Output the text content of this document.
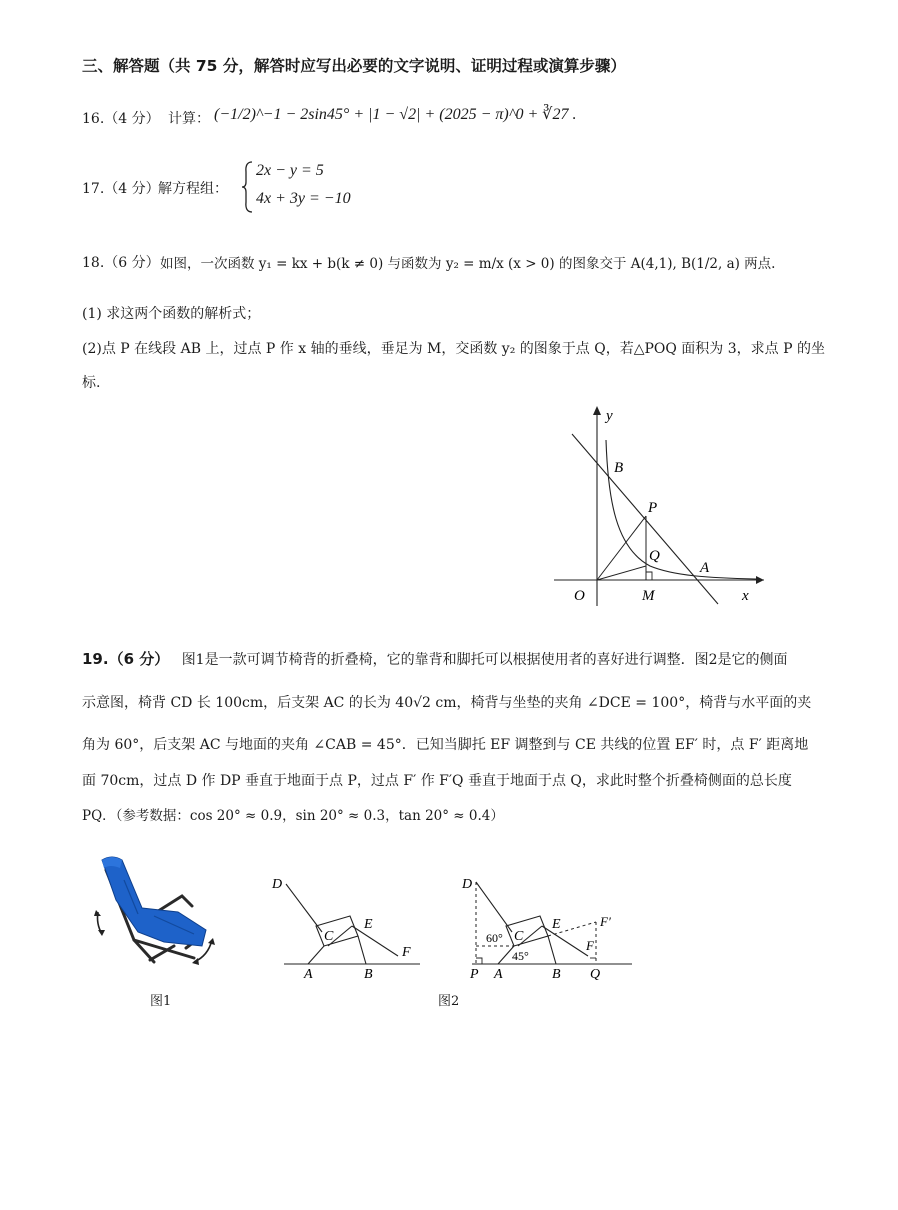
三、解答题（共 75 分，解答时应写出必要的文字说明、证明过程或演算步骤）
16.（4 分） 计算： (−1/2)^−1 − 2sin45° + |1 − √2| + (2025 − π)^0 + ∛27 .
17.（4 分）
解方程组：
2x − y = 5
4x + 3y = −10
18.（6 分） 如图，一次函数 y₁ = kx + b(k ≠ 0) 与函数为 y₂ = m/x (x > 0) 的图象交于 A(4,1), B(1/2, a) 两点.
(1) 求这两个函数的解析式；
(2)点 P 在线段 AB 上，过点 P 作 x 轴的垂线，垂足为 M，交函数 y₂ 的图象于点 Q，若△POQ 面积为 3，求点 P 的坐
标.
y
x
O
B
P
Q
A
M
19.（6 分） 图1是一款可调节椅背的折叠椅，它的靠背和脚托可以根据使用者的喜好进行调整．图2是它的侧面
示意图，椅背 CD 长 100cm，后支架 AC 的长为 40√2 cm，椅背与坐垫的夹角 ∠DCE = 100°，椅背与水平面的夹
角为 60°，后支架 AC 与地面的夹角 ∠CAB = 45°．已知当脚托 EF 调整到与 CE 共线的位置 EF′ 时，点 F′ 距离地
面 70cm，过点 D 作 DP 垂直于地面于点 P，过点 F′ 作 F′Q 垂直于地面于点 Q，求此时整个折叠椅侧面的总长度
PQ．（参考数据：cos 20° ≈ 0.9，sin 20° ≈ 0.3，tan 20° ≈ 0.4）
图1
D
C
E
F
A	B
D
C
E
F
F′
P A	B Q
60°
45°
图2
